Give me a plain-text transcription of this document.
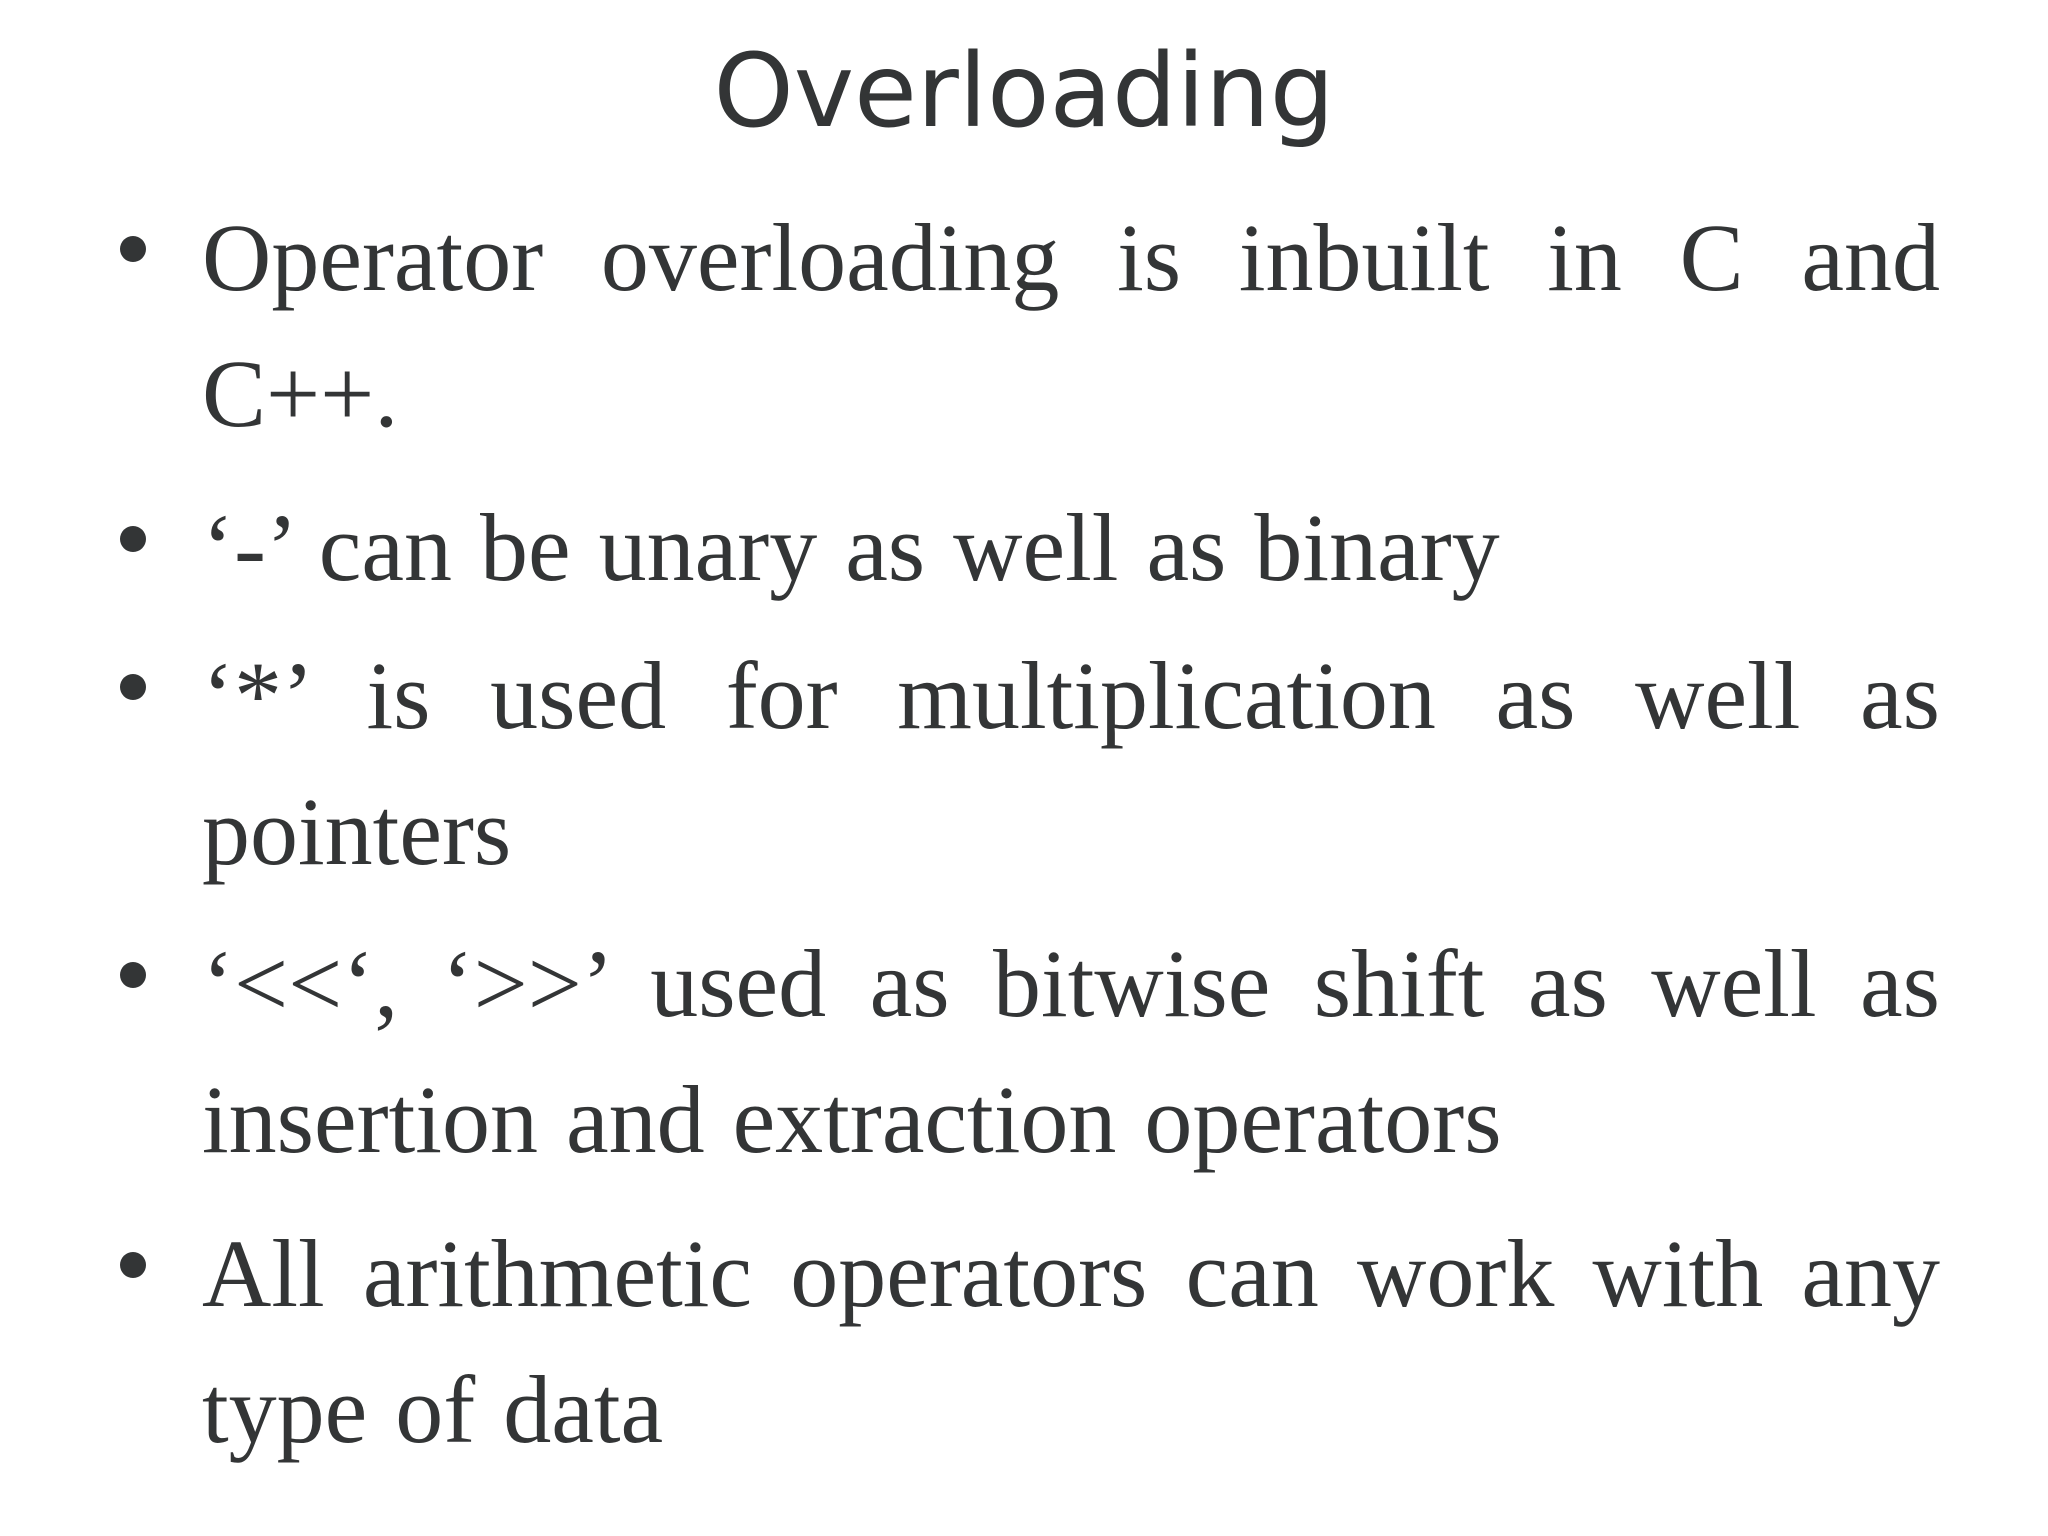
Overloading
Operator overloading is inbuilt in C and C++.
‘-’ can be unary as well as binary
‘*’ is used for multiplication as well as pointers
‘<<‘, ‘>>’ used as bitwise shift as well as insertion and extraction operators
All arithmetic operators can work with any type of data
